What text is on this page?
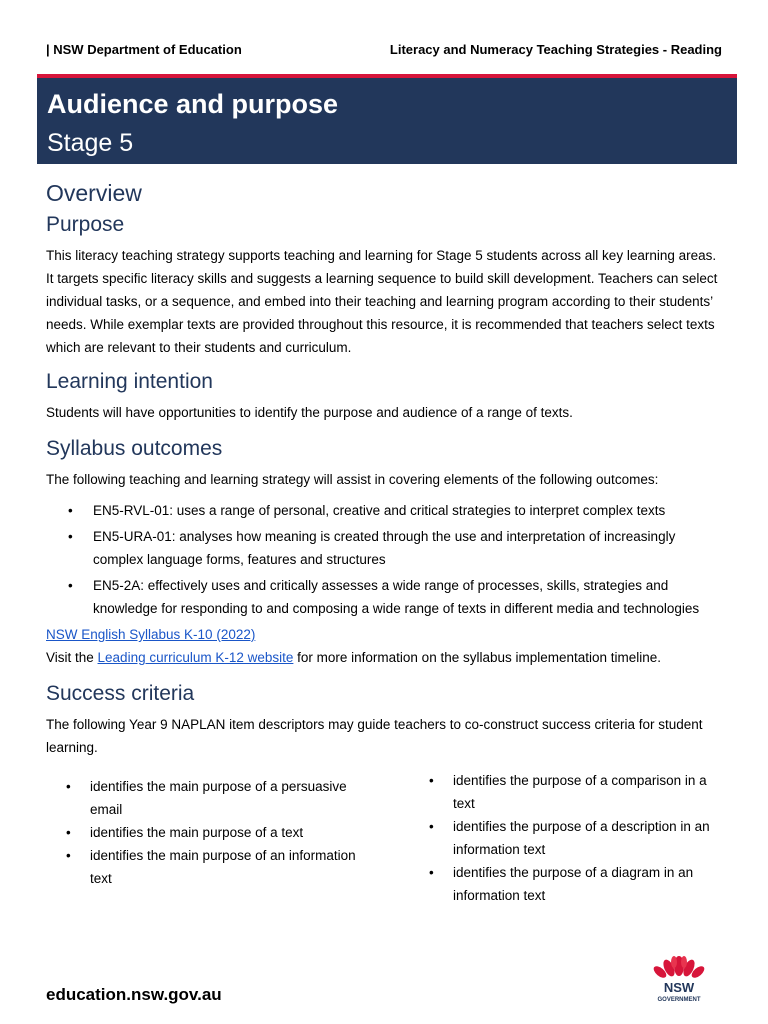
| NSW Department of Education	Literacy and Numeracy Teaching Strategies - Reading
Audience and purpose
Stage 5
Overview
Purpose

This literacy teaching strategy supports teaching and learning for Stage 5 students across all key learning areas. It targets specific literacy skills and suggests a learning sequence to build skill development. Teachers can select individual tasks, or a sequence, and embed into their teaching and learning program according to their students’ needs. While exemplar texts are provided throughout this resource, it is recommended that teachers select texts which are relevant to their students and curriculum.

Learning intention

Students will have opportunities to identify the purpose and audience of a range of texts.

Syllabus outcomes

The following teaching and learning strategy will assist in covering elements of the following outcomes:

• EN5-RVL-01: uses a range of personal, creative and critical strategies to interpret complex texts
• EN5-URA-01: analyses how meaning is created through the use and interpretation of increasingly complex language forms, features and structures
• EN5-2A: effectively uses and critically assesses a wide range of processes, skills, strategies and knowledge for responding to and composing a wide range of texts in different media and technologies
NSW English Syllabus K-10 (2022)
Visit the Leading curriculum K-12 website for more information on the syllabus implementation timeline.
Success criteria

The following Year 9 NAPLAN item descriptors may guide teachers to co-construct success criteria for student learning.

• identifies the main purpose of a persuasive email
• identifies the main purpose of a text
• identifies the main purpose of an information text
• identifies the purpose of a comparison in a text
• identifies the purpose of a description in an information text
• identifies the purpose of a diagram in an information text
education.nsw.gov.au	NSW
GOVERNMENT
